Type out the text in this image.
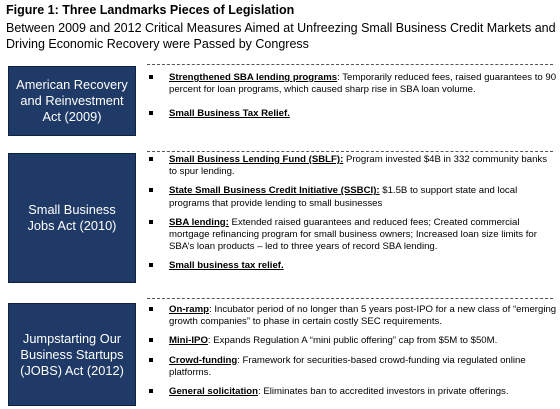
Figure 1: Three Landmarks Pieces of Legislation
Between 2009 and 2012 Critical Measures Aimed at Unfreezing Small Business Credit Markets and Driving Economic Recovery were Passed by Congress
American Recovery and Reinvestment Act (2009)
Strengthened SBA lending programs: Temporarily reduced fees, raised guarantees to 90 percent for loan programs, which caused sharp rise in SBA loan volume.
Small Business Tax Relief.
Small Business Jobs Act (2010)
Small Business Lending Fund (SBLF): Program invested $4B in 332 community banks to spur lending.
State Small Business Credit Initiative (SSBCI): $1.5B to support state and local programs that provide lending to small businesses
SBA lending: Extended raised guarantees and reduced fees; Created commercial mortgage refinancing program for small business owners; Increased loan size limits for SBA’s loan products – led to three years of record SBA lending.
Small business tax relief.
Jumpstarting Our Business Startups (JOBS) Act (2012)
On-ramp: Incubator period of no longer than 5 years post-IPO for a new class of “emerging growth companies” to phase in certain costly SEC requirements.
Mini-IPO: Expands Regulation A “mini public offering” cap from $5M to $50M.
Crowd-funding: Framework for securities-based crowd-funding via regulated online platforms.
General solicitation: Eliminates ban to accredited investors in private offerings.
